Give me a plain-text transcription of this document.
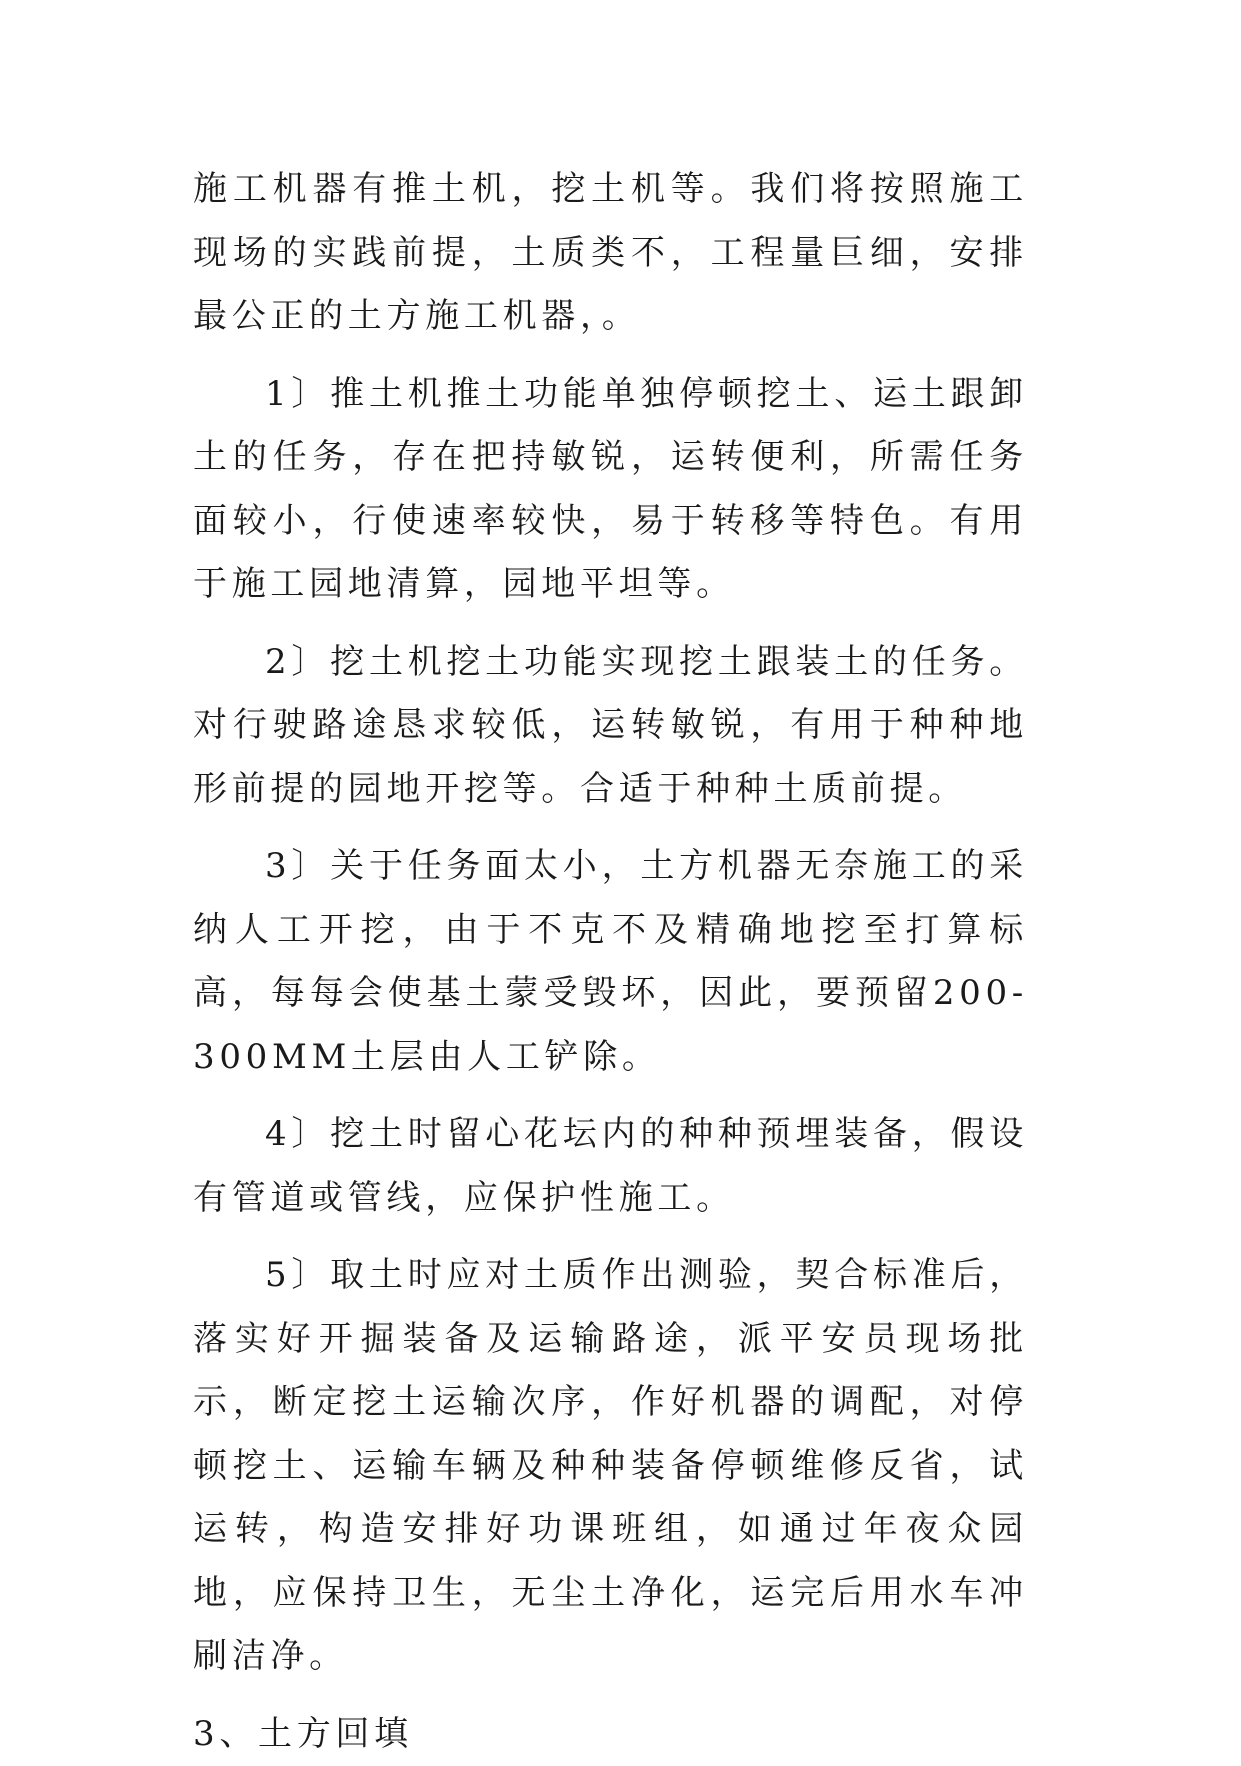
施工机器有推土机，挖土机等。我们将按照施工现场的实践前提，土质类不，工程量巨细，安排最公正的土方施工机器，。

1〕推土机推土功能单独停顿挖土、运土跟卸土的任务，存在把持敏锐，运转便利，所需任务面较小，行使速率较快，易于转移等特色。有用于施工园地清算，园地平坦等。

2〕挖土机挖土功能实现挖土跟装土的任务。对行驶路途恳求较低，运转敏锐，有用于种种地形前提的园地开挖等。合适于种种土质前提。

3〕关于任务面太小，土方机器无奈施工的采纳人工开挖，由于不克不及精确地挖至打算标高，每每会使基土蒙受毁坏，因此，要预留200-300MM土层由人工铲除。

4〕挖土时留心花坛内的种种预埋装备，假设有管道或管线，应保护性施工。

5〕取土时应对土质作出测验，契合标准后，落实好开掘装备及运输路途，派平安员现场批示，断定挖土运输次序，作好机器的调配，对停顿挖土、运输车辆及种种装备停顿维修反省，试运转，构造安排好功课班组，如通过年夜众园地，应保持卫生，无尘土净化，运完后用水车冲刷洁净。

3、土方回填
